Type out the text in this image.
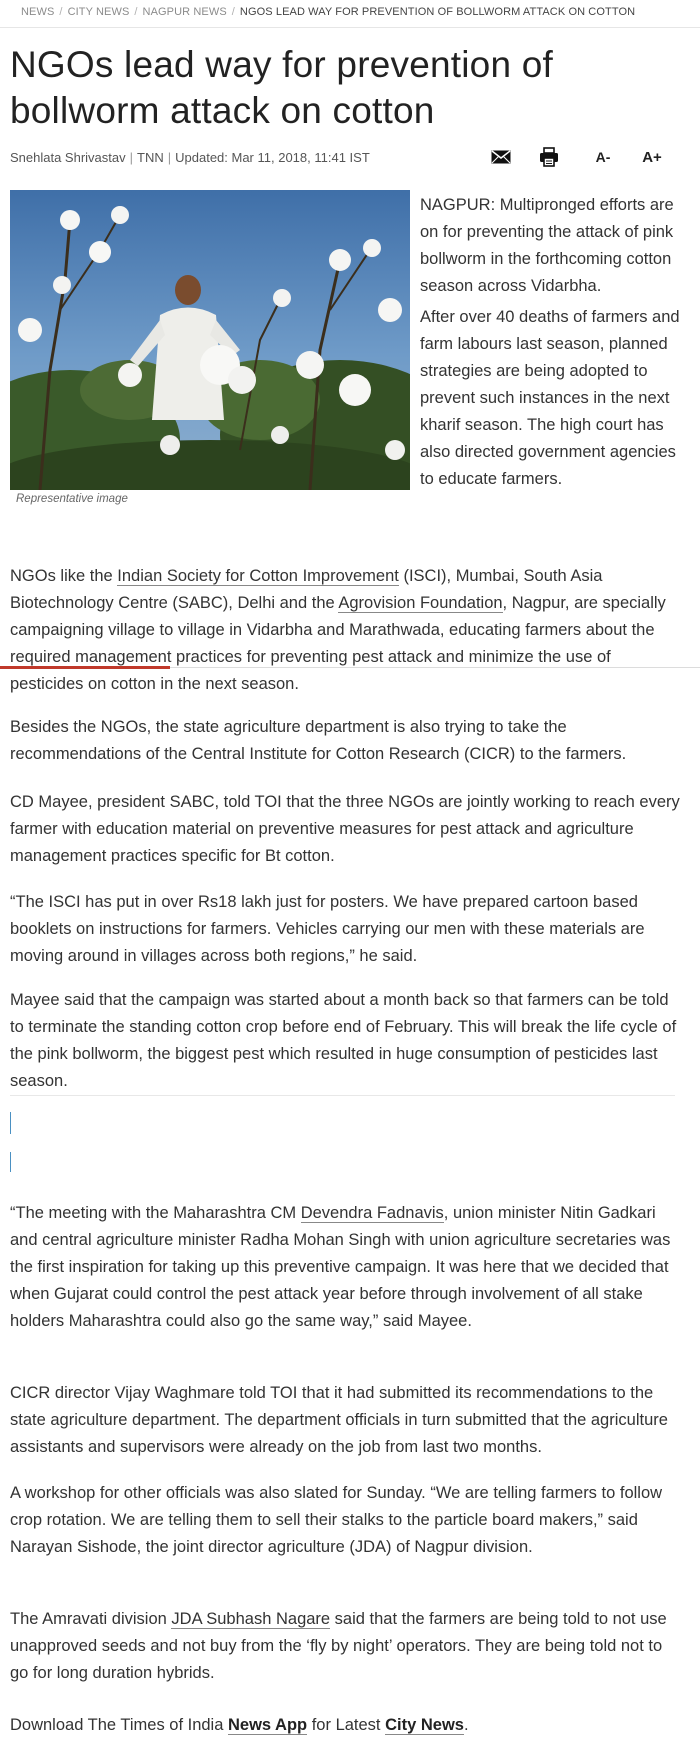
NEWS / CITY NEWS / NAGPUR NEWS / NGOS LEAD WAY FOR PREVENTION OF BOLLWORM ATTACK ON COTTON
NGOs lead way for prevention of bollworm attack on cotton
Snehlata Shrivastav | TNN | Updated: Mar 11, 2018, 11:41 IST	A-	A+
Representative image

NAGPUR: Multipronged efforts are on for preventing the attack of pink bollworm in the forthcoming cotton season across Vidarbha.

After over 40 deaths of farmers and farm labours last season, planned strategies are being adopted to prevent such instances in the next kharif season. The high court has also directed government agencies to educate farmers.

NGOs like the Indian Society for Cotton Improvement (ISCI), Mumbai, South Asia Biotechnology Centre (SABC), Delhi and the Agrovision Foundation, Nagpur, are specially campaigning village to village in Vidarbha and Marathwada, educating farmers about the required management practices for preventing pest attack and minimize the use of pesticides on cotton in the next season.
Besides the NGOs, the state agriculture department is also trying to take the recommendations of the Central Institute for Cotton Research (CICR) to the farmers.
CD Mayee, president SABC, told TOI that the three NGOs are jointly working to reach every farmer with education material on preventive measures for pest attack and agriculture management practices specific for Bt cotton.
“The ISCI has put in over Rs18 lakh just for posters. We have prepared cartoon based booklets on instructions for farmers. Vehicles carrying our men with these materials are moving around in villages across both regions,” he said.
Mayee said that the campaign was started about a month back so that farmers can be told to terminate the standing cotton crop before end of February. This will break the life cycle of the pink bollworm, the biggest pest which resulted in huge consumption of pesticides last season.
“The meeting with the Maharashtra CM Devendra Fadnavis, union minister Nitin Gadkari and central agriculture minister Radha Mohan Singh with union agriculture secretaries was the first inspiration for taking up this preventive campaign. It was here that we decided that when Gujarat could control the pest attack year before through involvement of all stake holders Maharashtra could also go the same way,” said Mayee.
CICR director Vijay Waghmare told TOI that it had submitted its recommendations to the state agriculture department. The department officials in turn submitted that the agriculture assistants and supervisors were already on the job from last two months.
A workshop for other officials was also slated for Sunday. “We are telling farmers to follow crop rotation. We are telling them to sell their stalks to the particle board makers,” said Narayan Sishode, the joint director agriculture (JDA) of Nagpur division.
The Amravati division JDA Subhash Nagare said that the farmers are being told to not use unapproved seeds and not buy from the ‘fly by night’ operators. They are being told not to go for long duration hybrids.
Download The Times of India News App for Latest City News.
